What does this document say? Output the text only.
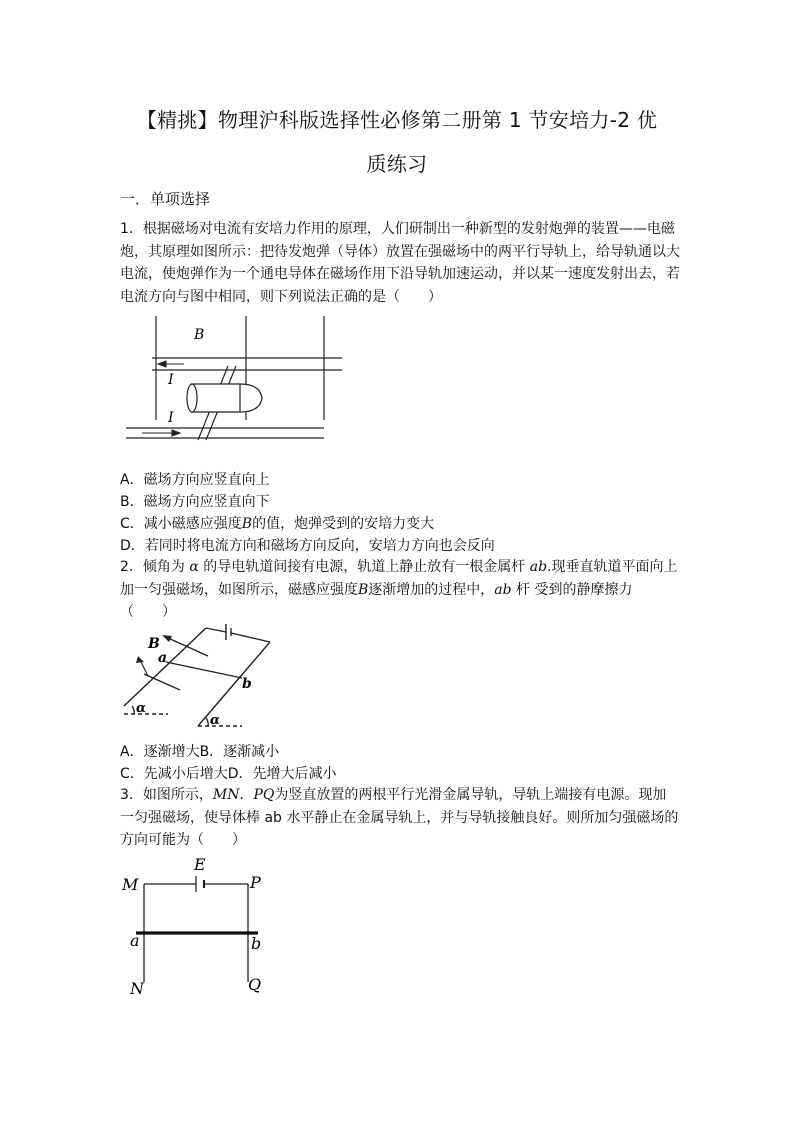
【精挑】物理沪科版选择性必修第二册第 1 节安培力-2 优
质练习
一．单项选择
1．根据磁场对电流有安培力作用的原理，人们研制出一种新型的发射炮弹的装置——电磁炮，其原理如图所示：把待发炮弹（导体）放置在强磁场中的两平行导轨上，给导轨通以大电流，使炮弹作为一个通电导体在磁场作用下沿导轨加速运动，并以某一速度发射出去，若电流方向与图中相同，则下列说法正确的是（　　）
B
I
I
A．磁场方向应竖直向上
B．磁场方向应竖直向下
C．减小磁感应强度B的值，炮弹受到的安培力变大
D．若同时将电流方向和磁场方向反向，安培力方向也会反向
2．倾角为 α 的导电轨道间接有电源，轨道上静止放有一根金属杆 ab.现垂直轨道平面向上加一匀强磁场，如图所示，磁感应强度B逐渐增加的过程中，ab 杆 受到的静摩擦力（　　）
B
a
b
α
α
A．逐渐增大B．逐渐减小
C．先减小后增大D．先增大后减小
3．如图所示，MN．PQ为竖直放置的两根平行光滑金属导轨，导轨上端接有电源。现加一匀强磁场，使导体棒 ab 水平静止在金属导轨上，并与导轨接触良好。则所加匀强磁场的方向可能为（　　）
E
M	P
a	b
N	Q
